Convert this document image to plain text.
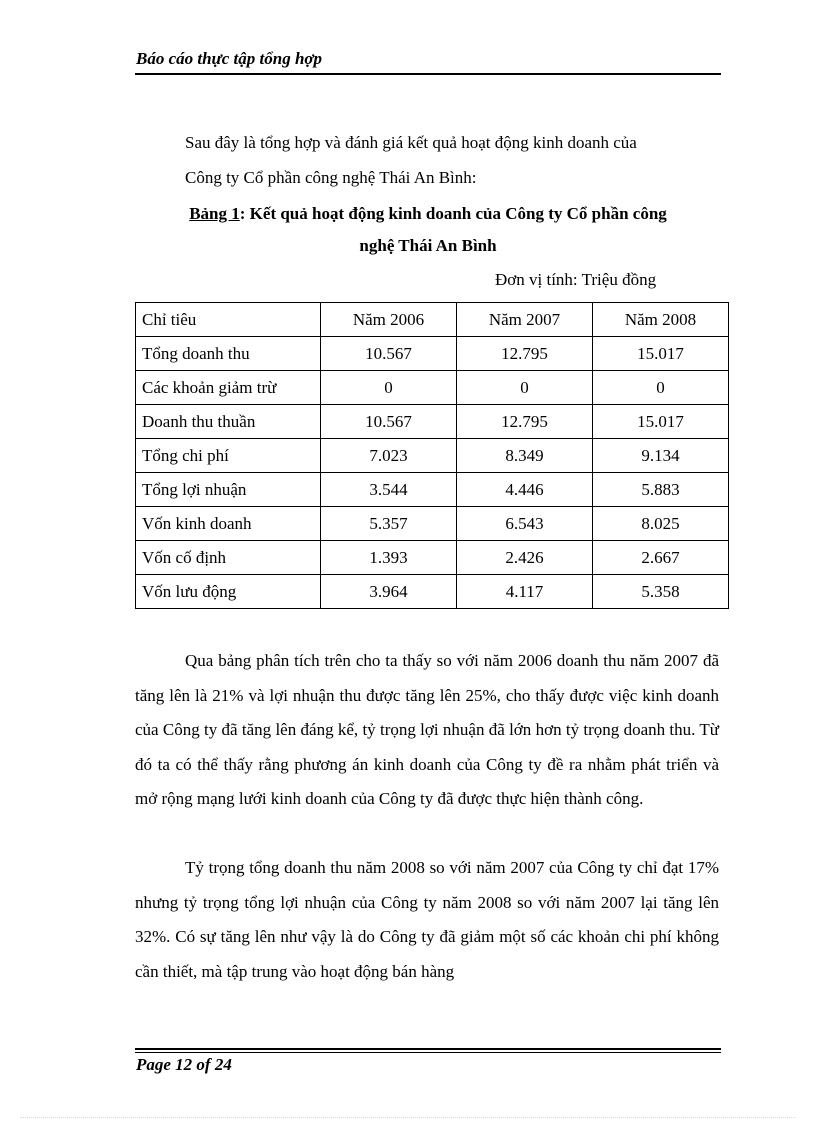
Báo cáo thực tập tổng hợp

Sau đây là tổng hợp và đánh giá kết quả hoạt động kinh doanh của

Công ty Cổ phần công nghệ Thái An Bình:

Bảng 1: Kết quả hoạt động kinh doanh của Công ty Cổ phần công
nghệ Thái An Bình
Đơn vị tính: Triệu đồng
Chỉ tiêu	Năm 2006	Năm 2007	Năm 2008
Tổng doanh thu	10.567	12.795	15.017
Các khoản giảm trừ	0	0	0
Doanh thu thuần	10.567	12.795	15.017
Tổng chi phí	7.023	8.349	9.134
Tổng lợi nhuận	3.544	4.446	5.883
Vốn kinh doanh	5.357	6.543	8.025
Vốn cố định	1.393	2.426	2.667
Vốn lưu động	3.964	4.117	5.358

Qua bảng phân tích trên cho ta thấy so với năm 2006 doanh thu năm 2007 đã tăng lên là 21% và lợi nhuận thu được tăng lên 25%, cho thấy được việc kinh doanh của Công ty đã tăng lên đáng kể, tỷ trọng lợi nhuận đã lớn hơn tỷ trọng doanh thu. Từ đó ta có thể thấy rằng phương án kinh doanh của Công ty đề ra nhằm phát triển và mở rộng mạng lưới kinh doanh của Công ty đã được thực hiện thành công.

Tỷ trọng tổng doanh thu năm 2008 so với năm 2007 của Công ty chỉ đạt 17% nhưng tỷ trọng tổng lợi nhuận của Công ty năm 2008 so với năm 2007 lại tăng lên 32%. Có sự tăng lên như vậy là do Công ty đã giảm một số các khoản chi phí không cần thiết, mà tập trung vào hoạt động bán hàng

Page 12 of 24
